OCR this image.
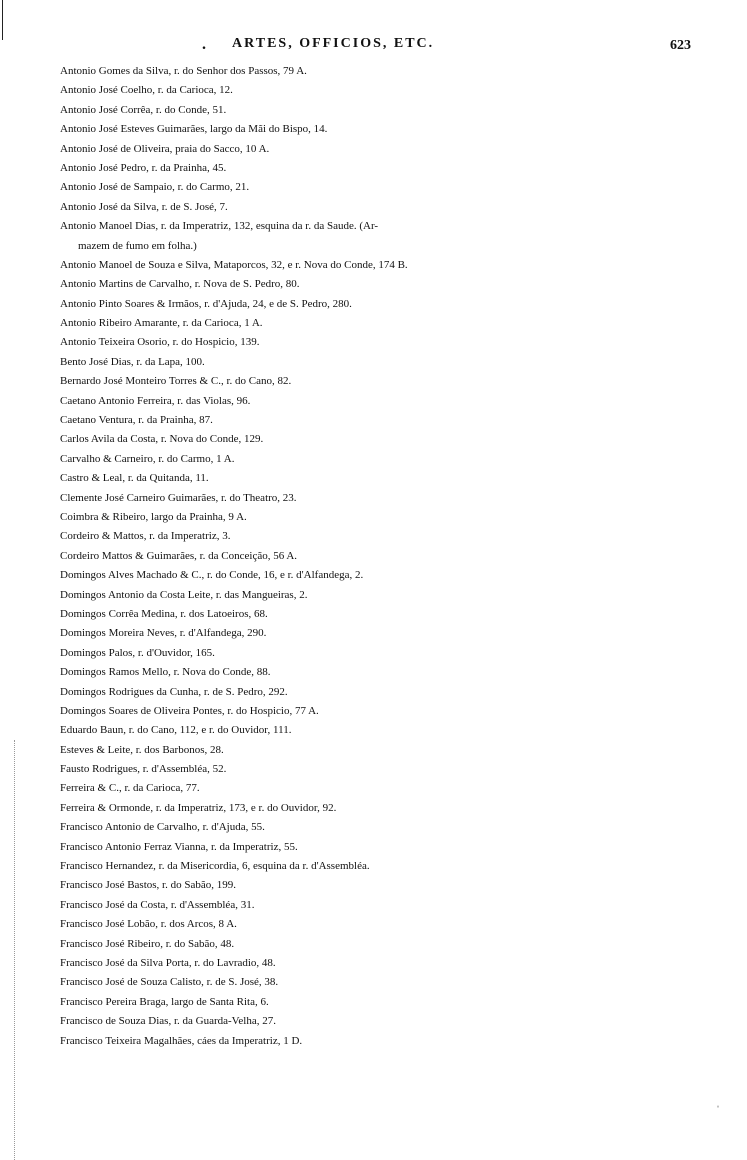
. ARTES, OFFICIOS, ETC.	623
Antonio Gomes da Silva, r. do Senhor dos Passos, 79 A.
Antonio José Coelho, r. da Carioca, 12.
Antonio José Corrêa, r. do Conde, 51.
Antonio José Esteves Guimarães, largo da Mãi do Bispo, 14.
Antonio José de Oliveira, praia do Sacco, 10 A.
Antonio José Pedro, r. da Prainha, 45.
Antonio José de Sampaio, r. do Carmo, 21.
Antonio José da Silva, r. de S. José, 7.
Antonio Manoel Dias, r. da Imperatriz, 132, esquina da r. da Saude. (Ar-
mazem de fumo em folha.)
Antonio Manoel de Souza e Silva, Mataporcos, 32, e r. Nova do Conde, 174 B.
Antonio Martins de Carvalho, r. Nova de S. Pedro, 80.
Antonio Pinto Soares & Irmãos, r. d'Ajuda, 24, e de S. Pedro, 280.
Antonio Ribeiro Amarante, r. da Carioca, 1 A.
Antonio Teixeira Osorio, r. do Hospicio, 139.
Bento José Dias, r. da Lapa, 100.
Bernardo José Monteiro Torres & C., r. do Cano, 82.
Caetano Antonio Ferreira, r. das Violas, 96.
Caetano Ventura, r. da Prainha, 87.
Carlos Avila da Costa, r. Nova do Conde, 129.
Carvalho & Carneiro, r. do Carmo, 1 A.
Castro & Leal, r. da Quitanda, 11.
Clemente José Carneiro Guimarães, r. do Theatro, 23.
Coimbra & Ribeiro, largo da Prainha, 9 A.
Cordeiro & Mattos, r. da Imperatriz, 3.
Cordeiro Mattos & Guimarães, r. da Conceição, 56 A.
Domingos Alves Machado & C., r. do Conde, 16, e r. d'Alfandega, 2.
Domingos Antonio da Costa Leite, r. das Mangueiras, 2.
Domingos Corrêa Medina, r. dos Latoeiros, 68.
Domingos Moreira Neves, r. d'Alfandega, 290.
Domingos Palos, r. d'Ouvidor, 165.
Domingos Ramos Mello, r. Nova do Conde, 88.
Domingos Rodrigues da Cunha, r. de S. Pedro, 292.
Domingos Soares de Oliveira Pontes, r. do Hospicio, 77 A.
Eduardo Baun, r. do Cano, 112, e r. do Ouvidor, 111.
Esteves & Leite, r. dos Barbonos, 28.
Fausto Rodrigues, r. d'Assembléa, 52.
Ferreira & C., r. da Carioca, 77.
Ferreira & Ormonde, r. da Imperatriz, 173, e r. do Ouvidor, 92.
Francisco Antonio de Carvalho, r. d'Ajuda, 55.
Francisco Antonio Ferraz Vianna, r. da Imperatriz, 55.
Francisco Hernandez, r. da Misericordia, 6, esquina da r. d'Assembléa.
Francisco José Bastos, r. do Sabão, 199.
Francisco José da Costa, r. d'Assembléa, 31.
Francisco José Lobão, r. dos Arcos, 8 A.
Francisco José Ribeiro, r. do Sabão, 48.
Francisco José da Silva Porta, r. do Lavradio, 48.
Francisco José de Souza Calisto, r. de S. José, 38.
Francisco Pereira Braga, largo de Santa Rita, 6.
Francisco de Souza Dias, r. da Guarda-Velha, 27.
Francisco Teixeira Magalhães, cáes da Imperatriz, 1 D.
ˌ
